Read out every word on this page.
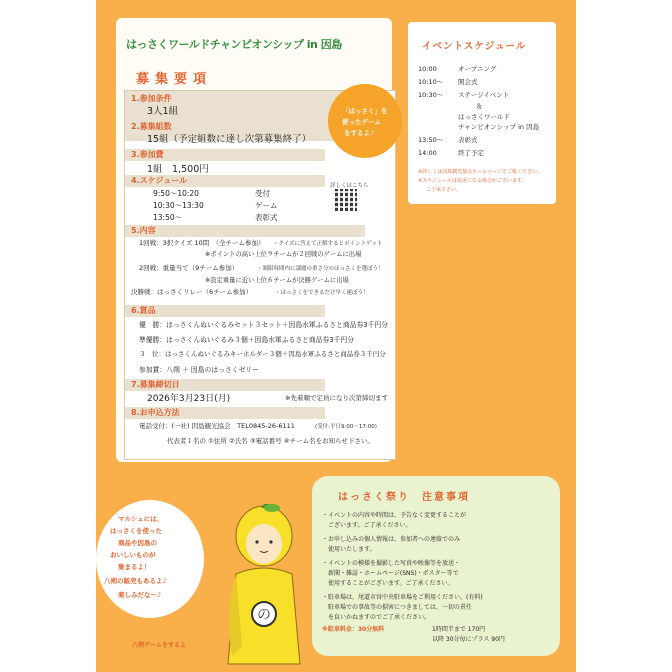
はっさくワールドチャンピオンシップ in 因島
募集要項
1.参加条件
3人1組
2.募集組数
15組（予定組数に達し次第募集終了）
3.参加費
1組　1,500円
4.スケジュール
9:50〜10:20	受付
10:30〜13:30	ゲーム
13:50〜	表彰式
詳しくはこちら
5.内容
1回戦：3択クイズ 10問　（全チーム参加） ・クイズに答えて正解するとポイントゲット
※ポイントの高い上位９チームが２回戦のゲームに出場
2回戦：重量当て（9チーム参加）	・制限時間内に課題の重さ分のはっさくを選ぼう！
※設定重量に近い上位６チームが決勝ゲームに出場
決勝戦：はっさくリレー（6チーム参加）	・はっさくをできるだけ早く運ぼう！
6.賞品
優　勝：はっさくんぬいぐるみセット３セット＋因島水軍ふるさと商品券3千円分
準優勝：はっさくんぬいぐるみ３個＋因島水軍ふるさと商品券3千円分
３　位：はっさくんぬいぐるみキーホルダー３個＋因島水軍ふるさと商品券３千円分
参加賞：八朔 ＋ 因島のはっさくゼリー
7.募集締切日
2026年3月23日(月)	※先着順で定員になり次第締切ます
8.お申込方法
電話受付：(一社) 因島観光協会　TEL0845-26-6111	(受付:平日9:00〜17:00)
代表者１名の ①住所 ②氏名 ③電話番号 ④チーム名をお知らせ下さい。
「はっさく」を
使ったゲーム
をするよ♪
イベントスケジュール
10:00	オープニング
10:10〜 開会式
10:30〜 ステージイベント
＆
はっさくワールド
チャンピオンシップ in 因島
13:50〜 表彰式
14:00	終了予定
※詳しくは因島観光協会ホームページをご覧ください。
※スケジュールは変更になる場合がございます。
ご了承下さい。
はっさく祭り　注意事項
・イベントの内容や時間は、予告なく変更することが
　ございます。ご了承ください。
・お申し込みの個人情報は、参加者への連絡でのみ
　使用いたします。
・イベントの模様を撮影した写真や映像等を放送・
　新聞・雑誌・ホームページ(SNS)・ポスター等で
　使用することがございます。ご了承ください。
・駐車場は、尾道市営中央駐車場をご利用ください。(有料)
　駐車場での事故等の損害につきましては、一切の責任
　を負いかねますのでご了承ください。
※駐車料金：30分無料	1時間半まで 170円
以降 30分毎にプラス 90円
マルシェには、
はっさくを使った
商品や因島の
おいしいものが
集まるよ！
八朔の販売もあるよ♪
楽しみだな〜♪
の
八朔ゲームをするよ
